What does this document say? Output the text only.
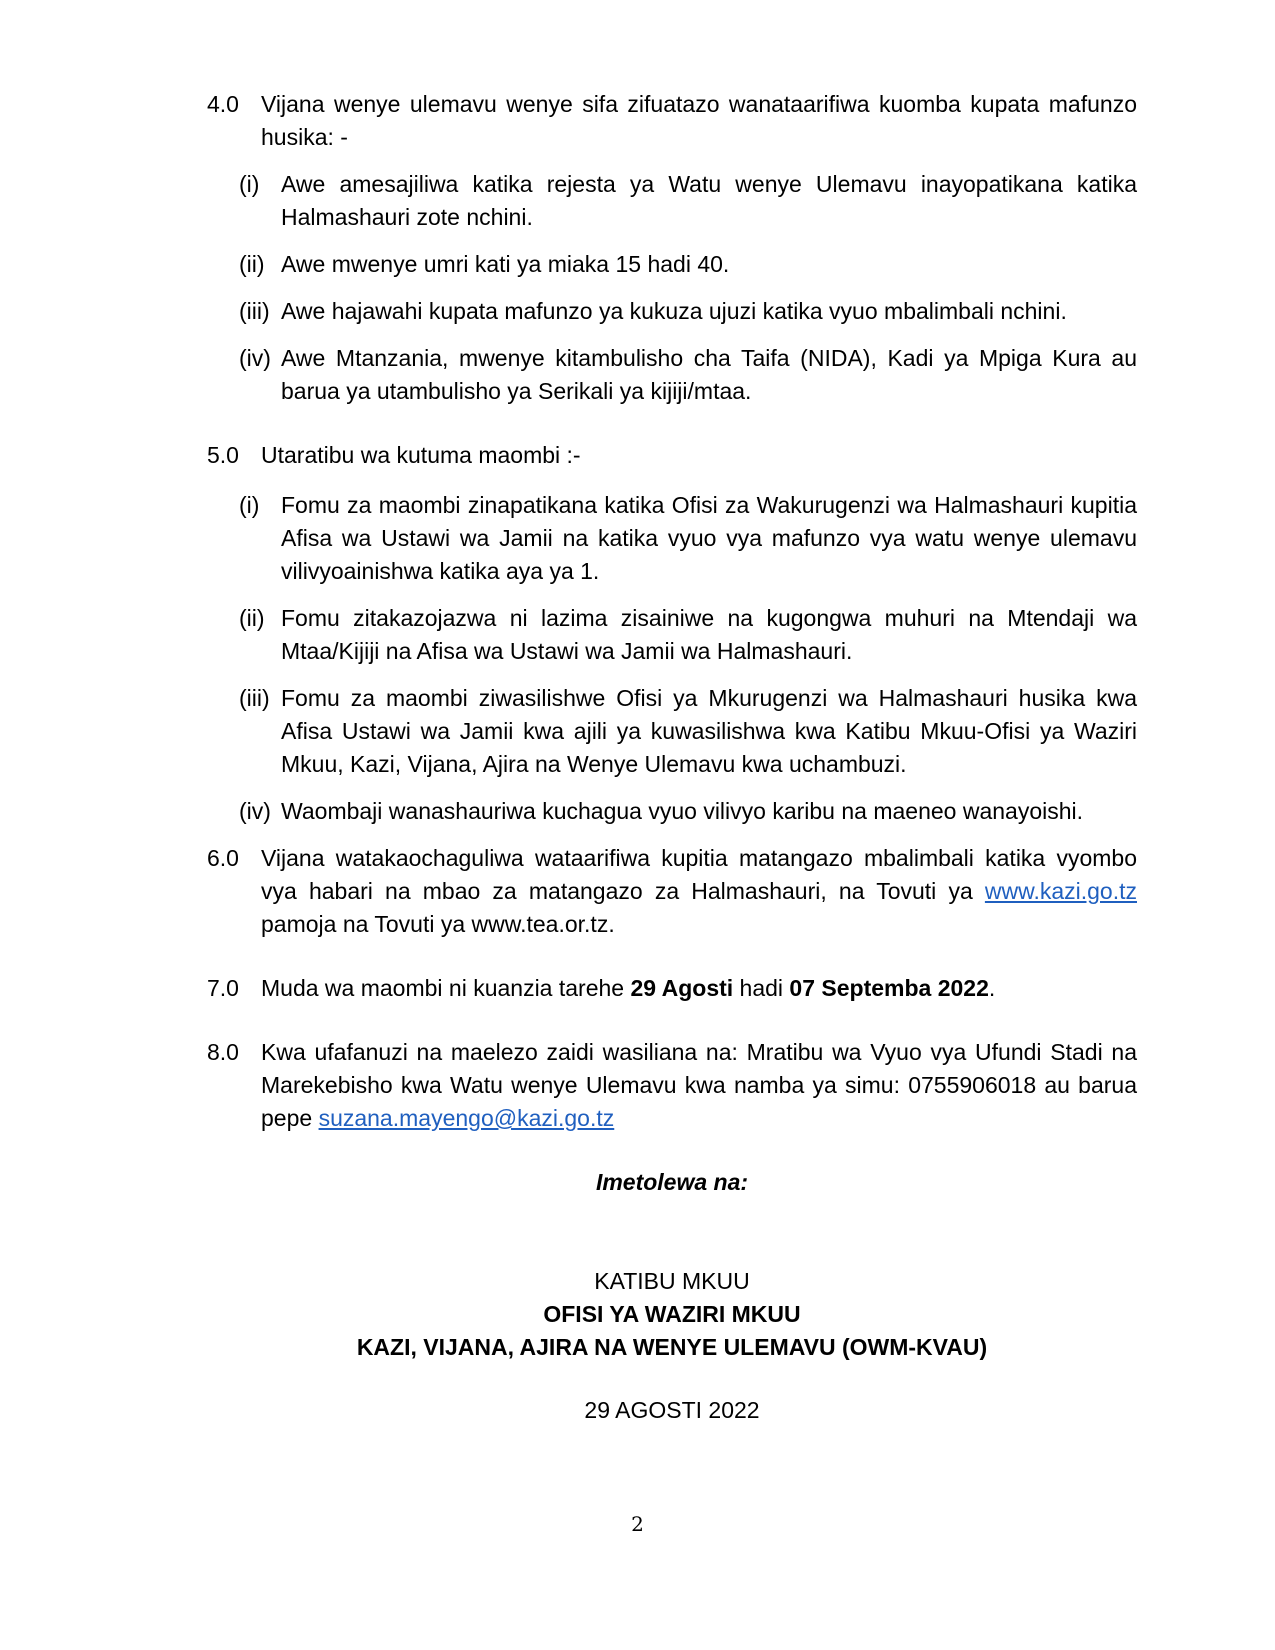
4.0 Vijana wenye ulemavu wenye sifa zifuatazo wanataarifiwa kuomba kupata mafunzo husika: -
(i) Awe amesajiliwa katika rejesta ya Watu wenye Ulemavu inayopatikana katika Halmashauri zote nchini.
(ii) Awe mwenye umri kati ya miaka 15 hadi 40.
(iii) Awe hajawahi kupata mafunzo ya kukuza ujuzi katika vyuo mbalimbali nchini.
(iv) Awe Mtanzania, mwenye kitambulisho cha Taifa (NIDA), Kadi ya Mpiga Kura au barua ya utambulisho ya Serikali ya kijiji/mtaa.
5.0 Utaratibu wa kutuma maombi :-
(i) Fomu za maombi zinapatikana katika Ofisi za Wakurugenzi wa Halmashauri kupitia Afisa wa Ustawi wa Jamii na katika vyuo vya mafunzo vya watu wenye ulemavu vilivyoainishwa katika aya ya 1.
(ii) Fomu zitakazojazwa ni lazima zisainiwe na kugongwa muhuri na Mtendaji wa Mtaa/Kijiji na Afisa wa Ustawi wa Jamii wa Halmashauri.
(iii) Fomu za maombi ziwasilishwe Ofisi ya Mkurugenzi wa Halmashauri husika kwa Afisa Ustawi wa Jamii kwa ajili ya kuwasilishwa kwa Katibu Mkuu-Ofisi ya Waziri Mkuu, Kazi, Vijana, Ajira na Wenye Ulemavu kwa uchambuzi.
(iv) Waombaji wanashauriwa kuchagua vyuo vilivyo karibu na maeneo wanayoishi.
6.0 Vijana watakaochaguliwa wataarifiwa kupitia matangazo mbalimbali katika vyombo vya habari na mbao za matangazo za Halmashauri, na Tovuti ya www.kazi.go.tz pamoja na Tovuti ya www.tea.or.tz.
7.0 Muda wa maombi ni kuanzia tarehe 29 Agosti hadi 07 Septemba 2022.
8.0 Kwa ufafanuzi na maelezo zaidi wasiliana na: Mratibu wa Vyuo vya Ufundi Stadi na Marekebisho kwa Watu wenye Ulemavu kwa namba ya simu: 0755906018 au barua pepe suzana.mayengo@kazi.go.tz
Imetolewa na:
KATIBU MKUU
OFISI YA WAZIRI MKUU
KAZI, VIJANA, AJIRA NA WENYE ULEMAVU (OWM-KVAU)
29 AGOSTI 2022
2
